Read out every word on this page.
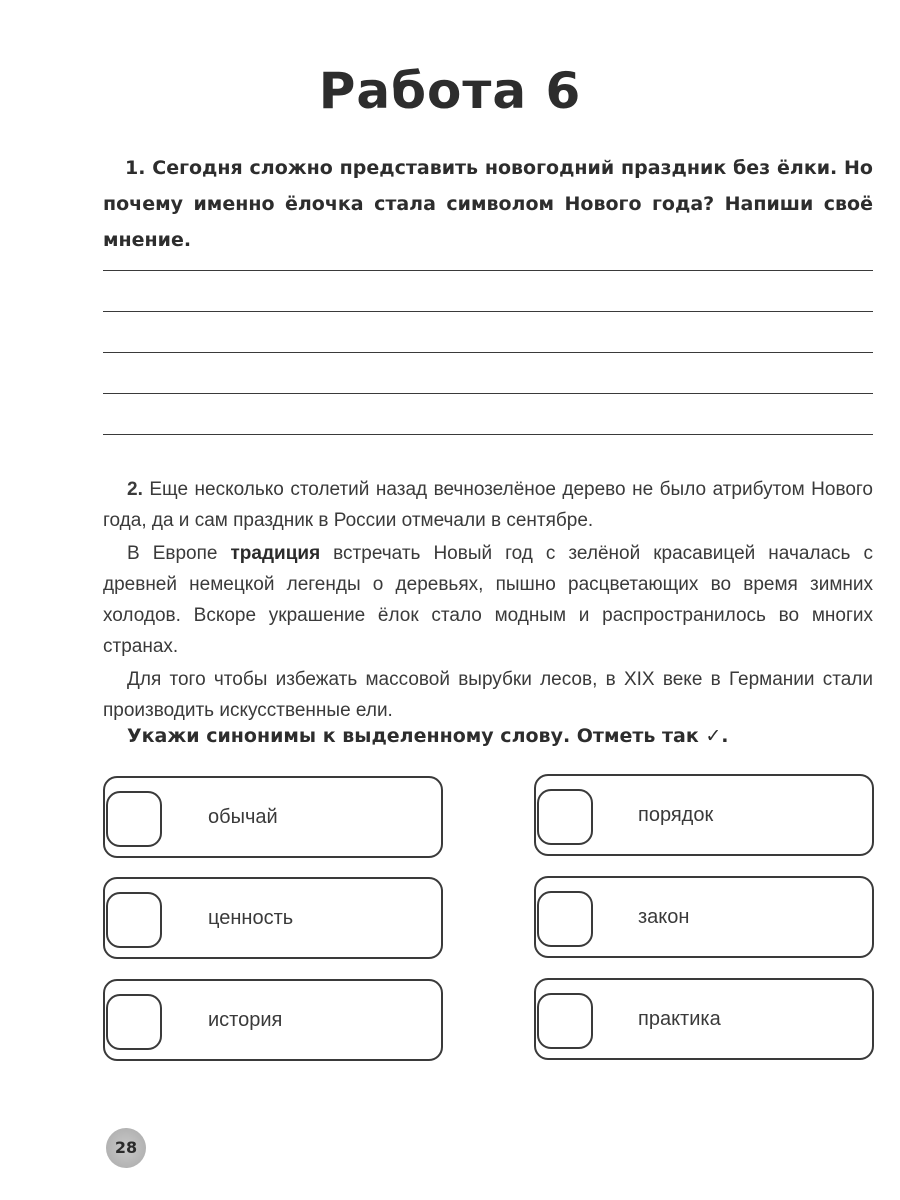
Работа 6
1. Сегодня сложно представить новогодний праздник без ёлки. Но почему именно ёлочка стала символом Нового года? Напиши своё мнение.

2. Еще несколько столетий назад вечнозелёное дерево не было атрибутом Нового года, да и сам праздник в России отмечали в сентябре.

В Европе традиция встречать Новый год с зелёной красавицей началась с древней немецкой легенды о деревьях, пышно расцветающих во время зимних холодов. Вскоре украшение ёлок стало модным и распространилось во многих странах.

Для того чтобы избежать массовой вырубки лесов, в XIX веке в Германии стали производить искусственные ели.

Укажи синонимы к выделенному слову. Отметь так ✓.
обычай
ценность
история
порядок
закон
практика
28
